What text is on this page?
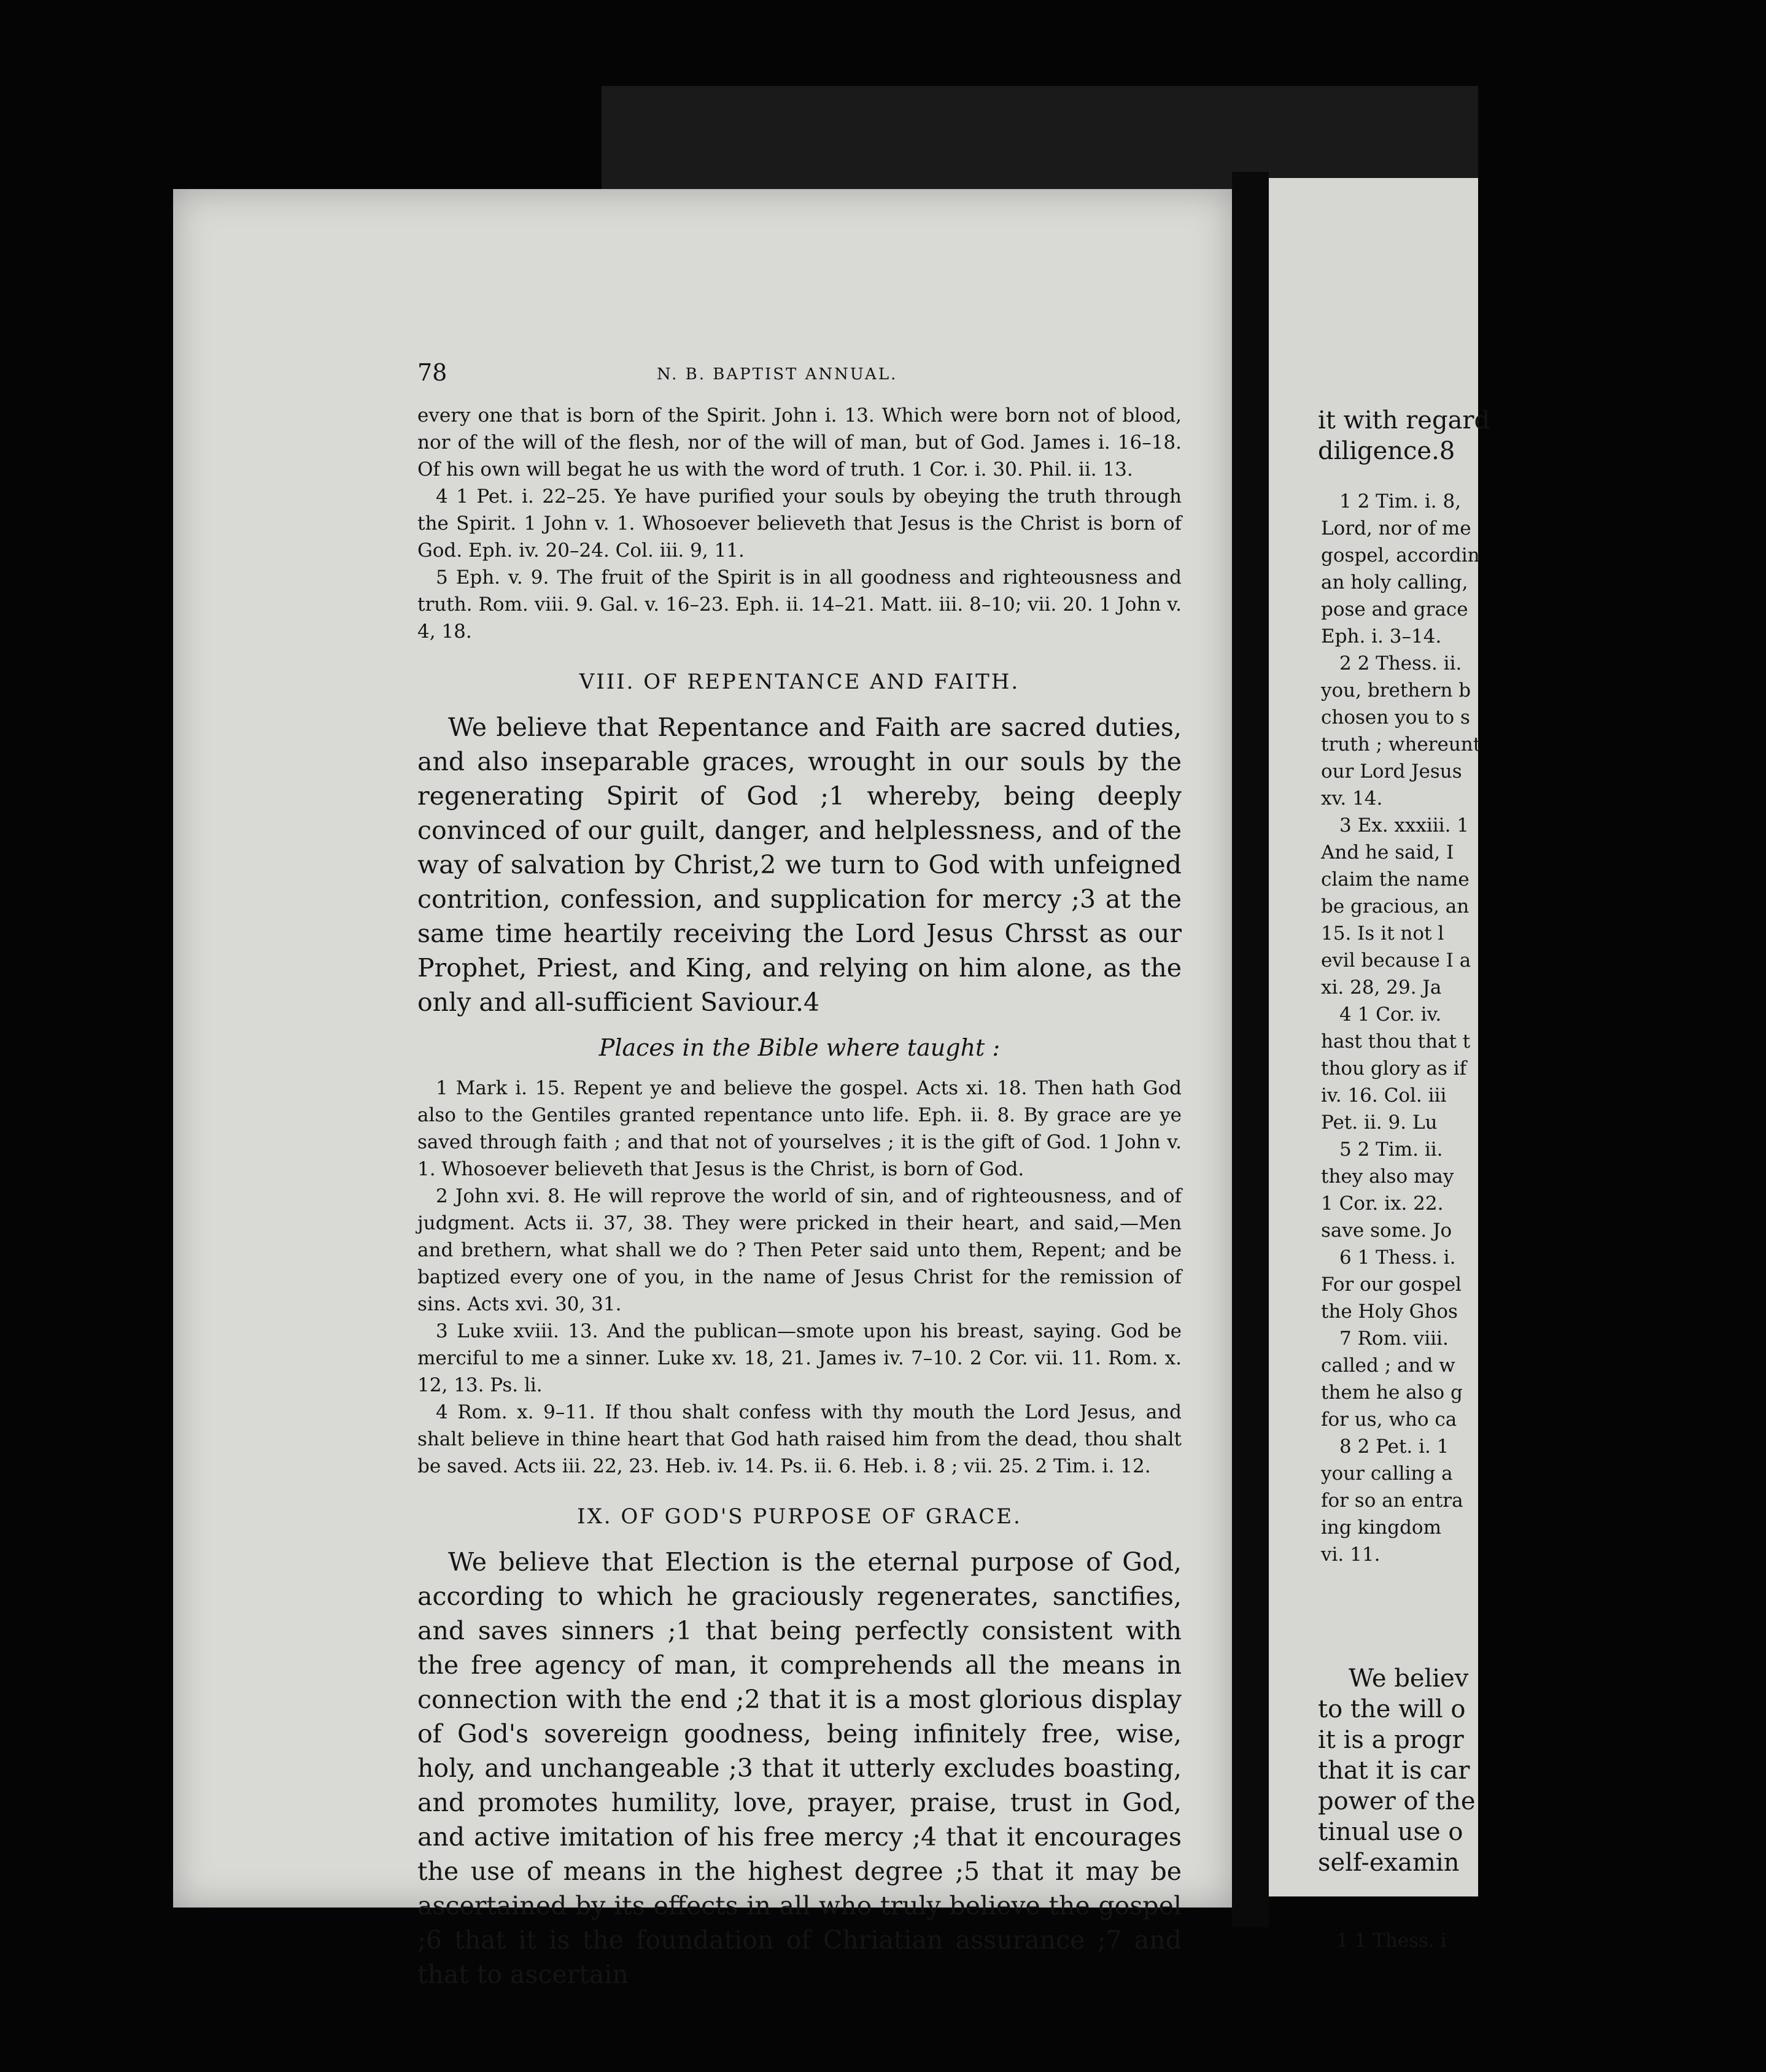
78	N. B. BAPTIST ANNUAL.

every one that is born of the Spirit. John i. 13. Which were born not of blood, nor of the will of the flesh, nor of the will of man, but of God. James i. 16–18. Of his own will begat he us with the word of truth. 1 Cor. i. 30. Phil. ii. 13.

4 1 Pet. i. 22–25. Ye have purified your souls by obeying the truth through the Spirit. 1 John v. 1. Whosoever believeth that Jesus is the Christ is born of God. Eph. iv. 20–24. Col. iii. 9, 11.

5 Eph. v. 9. The fruit of the Spirit is in all goodness and righteousness and truth. Rom. viii. 9. Gal. v. 16–23. Eph. ii. 14–21. Matt. iii. 8–10; vii. 20. 1 John v. 4, 18.

VIII. OF REPENTANCE AND FAITH.

We believe that Repentance and Faith are sacred duties, and also inseparable graces, wrought in our souls by the regenerating Spirit of God ;1 whereby, being deeply convinced of our guilt, danger, and helplessness, and of the way of salvation by Christ,2 we turn to God with unfeigned contrition, confession, and supplication for mercy ;3 at the same time heartily receiving the Lord Jesus Chrsst as our Prophet, Priest, and King, and relying on him alone, as the only and all-sufficient Saviour.4

Places in the Bible where taught :

1 Mark i. 15. Repent ye and believe the gospel. Acts xi. 18. Then hath God also to the Gentiles granted repentance unto life. Eph. ii. 8. By grace are ye saved through faith ; and that not of yourselves ; it is the gift of God. 1 John v. 1. Whosoever believeth that Jesus is the Christ, is born of God.

2 John xvi. 8. He will reprove the world of sin, and of righteousness, and of judgment. Acts ii. 37, 38. They were pricked in their heart, and said,—Men and brethern, what shall we do ? Then Peter said unto them, Repent; and be baptized every one of you, in the name of Jesus Christ for the remission of sins. Acts xvi. 30, 31.

3 Luke xviii. 13. And the publican—smote upon his breast, saying. God be merciful to me a sinner. Luke xv. 18, 21. James iv. 7–10. 2 Cor. vii. 11. Rom. x. 12, 13. Ps. li.

4 Rom. x. 9–11. If thou shalt confess with thy mouth the Lord Jesus, and shalt believe in thine heart that God hath raised him from the dead, thou shalt be saved. Acts iii. 22, 23. Heb. iv. 14. Ps. ii. 6. Heb. i. 8 ; vii. 25. 2 Tim. i. 12.

IX. OF GOD'S PURPOSE OF GRACE.

We believe that Election is the eternal purpose of God, according to which he graciously regenerates, sanctifies, and saves sinners ;1 that being perfectly consistent with the free agency of man, it comprehends all the means in connection with the end ;2 that it is a most glorious display of God's sovereign goodness, being infinitely free, wise, holy, and unchangeable ;3 that it utterly excludes boasting, and promotes humility, love, prayer, praise, trust in God, and active imitation of his free mercy ;4 that it encourages the use of means in the highest degree ;5 that it may be ascertained by its effects in all who truly believe the gospel ;6 that it is the foundation of Chriatian assurance ;7 and that to ascertain

it with regard

diligence.8

1 2 Tim. i. 8,

Lord, nor of me

gospel, accordin

an holy calling,

pose and grace

Eph. i. 3–14.

2 2 Thess. ii.

you, brethern b

chosen you to s

truth ; whereunt

our Lord Jesus

xv. 14.

3 Ex. xxxiii. 1

And he said, I

claim the name

be gracious, an

15. Is it not l

evil because I a

xi. 28, 29. Ja

4 1 Cor. iv.

hast thou that t

thou glory as if

iv. 16. Col. iii

Pet. ii. 9. Lu

5 2 Tim. ii.

they also may

1 Cor. ix. 22.

save some. Jo

6 1 Thess. i.

For our gospel

the Holy Ghos

7 Rom. viii.

called ; and w

them he also g

for us, who ca

8 2 Pet. i. 1

your calling a

for so an entra

ing kingdom

vi. 11.

We believ

to the will o

it is a progr

that it is car

power of the

tinual use o

self-examin

1 1 Thess. i
